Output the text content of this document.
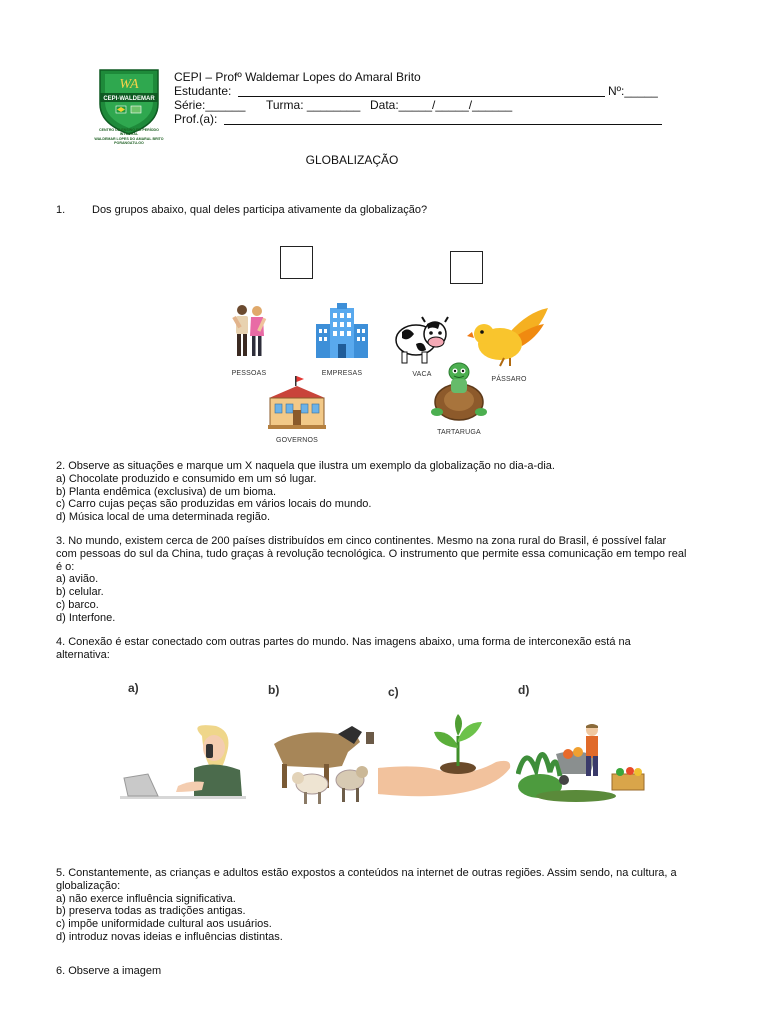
WA
CEPI-WALDEMAR
CENTRO DE ENSINO EM PERÍODO INTEGRAL
WALDEMAR LOPES DO AMARAL BRITO
PORANGATU-GO
CEPI – Profº Waldemar Lopes do Amaral Brito
Estudante:	Nº:_____
Série:______ Turma: ________ Data:_____/_____/______
Prof.(a):
GLOBALIZAÇÃO
1. Dos grupos abaixo, qual deles participa ativamente da globalização?
PESSOAS	EMPRESAS	VACA
PÁSSARO
GOVERNOS
TARTARUGA
2. Observe as situações e marque um X naquela que ilustra um exemplo da globalização no dia-a-dia.
a) Chocolate produzido e consumido em um só lugar.
b) Planta endêmica (exclusiva) de um bioma.
c) Carro cujas peças são produzidas em vários locais do mundo.
d) Música local de uma determinada região.
3. No mundo, existem cerca de 200 países distribuídos em cinco continentes. Mesmo na zona rural do Brasil, é possível falar
com pessoas do sul da China, tudo graças à revolução tecnológica. O instrumento que permite essa comunicação em tempo real
é o:
a) avião.
b) celular.
c) barco.
d) Interfone.
4. Conexão é estar conectado com outras partes do mundo. Nas imagens abaixo, uma forma de interconexão está na
alternativa:
a)	b)	c)	d)
5. Constantemente, as crianças e adultos estão expostos a conteúdos na internet de outras regiões. Assim sendo, na cultura, a
globalização:
a) não exerce influência significativa.
b) preserva todas as tradições antigas.
c) impõe uniformidade cultural aos usuários.
d) introduz novas ideias e influências distintas.
6. Observe a imagem
